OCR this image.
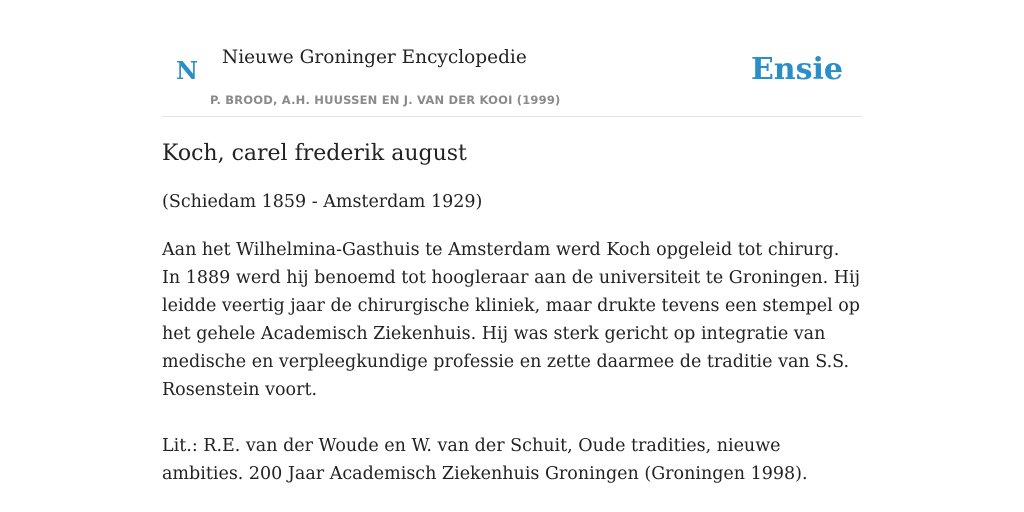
N Nieuwe Groninger Encyclopedie
P. BROOD, A.H. HUUSSEN EN J. VAN DER KOOI (1999)
Ensie
Koch, carel frederik august

(Schiedam 1859 - Amsterdam 1929)

Aan het Wilhelmina-Gasthuis te Amsterdam werd Koch opgeleid tot chirurg. In 1889 werd hij benoemd tot hoogleraar aan de universiteit te Groningen. Hij leidde veertig jaar de chirurgische kliniek, maar drukte tevens een stempel op het gehele Academisch Ziekenhuis. Hij was sterk gericht op integratie van medische en verpleegkundige professie en zette daarmee de traditie van S.S. Rosenstein voort.

Lit.: R.E. van der Woude en W. van der Schuit, Oude tradities, nieuwe ambities. 200 Jaar Academisch Ziekenhuis Groningen (Groningen 1998).
